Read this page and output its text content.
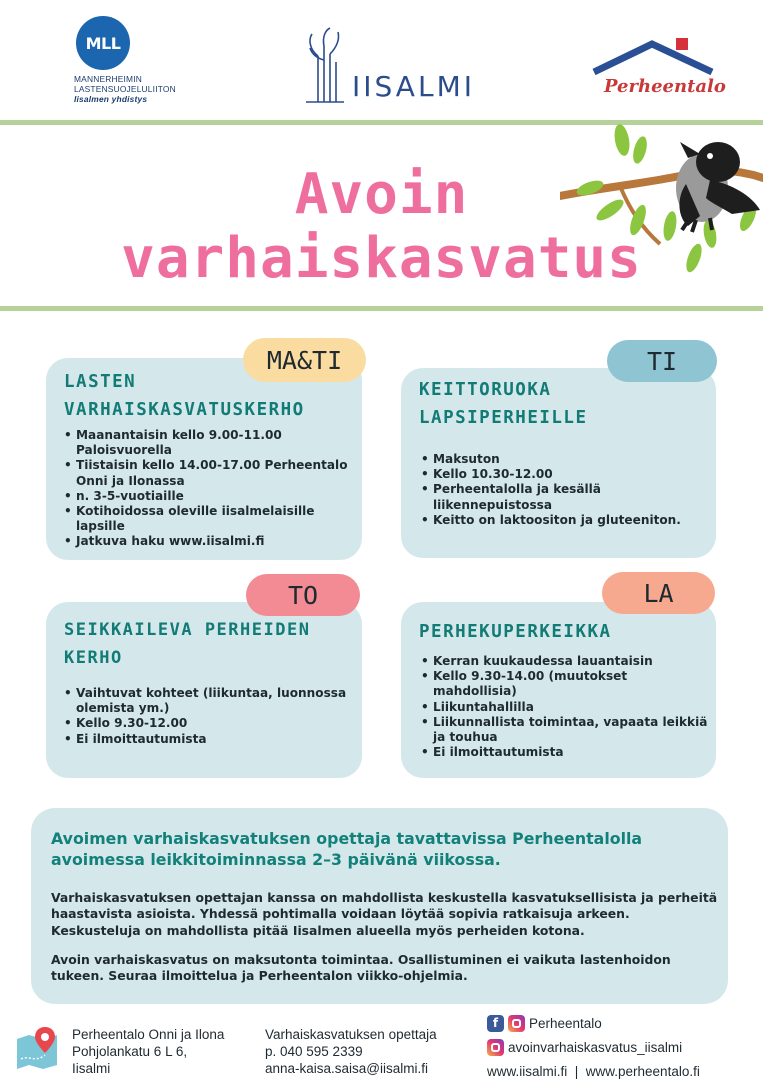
MLL
MANNERHEIMIN
LASTENSUOJELULIITON
Iisalmen yhdistys	IISALMI	Perheentalo
Avoin
varhaiskasvatus
LASTEN
VARHAISKASVATUSKERHO
• Maanantaisin kello 9.00-11.00 Paloisvuorella
• Tiistaisin kello 14.00-17.00 Perheentalo Onni ja Ilonassa
• n. 3-5-vuotiaille
• Kotihoidossa oleville iisalmelaisille lapsille
• Jatkuva haku www.iisalmi.fi
MA&TI
KEITTORUOKA
LAPSIPERHEILLE
• Maksuton
• Kello 10.30-12.00
• Perheentalolla ja kesällä liikennepuistossa
• Keitto on laktoositon ja gluteeniton.
TI
SEIKKAILEVA PERHEIDEN
KERHO
• Vaihtuvat kohteet (liikuntaa, luonnossa olemista ym.)
• Kello 9.30-12.00
• Ei ilmoittautumista
TO
PERHEKUPERKEIKKA
• Kerran kuukaudessa lauantaisin
• Kello 9.30-14.00 (muutokset mahdollisia)
• Liikuntahallilla
• Liikunnallista toimintaa, vapaata leikkiä ja touhua
• Ei ilmoittautumista
LA
Avoimen varhaiskasvatuksen opettaja tavattavissa Perheentalolla avoimessa leikkitoiminnassa 2–3 päivänä viikossa.
Varhaiskasvatuksen opettajan kanssa on mahdollista keskustella kasvatuksellisista ja perheitä haastavista asioista. Yhdessä pohtimalla voidaan löytää sopivia ratkaisuja arkeen. Keskusteluja on mahdollista pitää Iisalmen alueella myös perheiden kotona.
Avoin varhaiskasvatus on maksutonta toimintaa. Osallistuminen ei vaikuta lastenhoidon tukeen. Seuraa ilmoittelua ja Perheentalon viikko-ohjelmia.
Perheentalo Onni ja Ilona
Pohjolankatu 6 L 6,
Iisalmi
Varhaiskasvatuksen opettaja
p. 040 595 2339
anna-kaisa.saisa@iisalmi.fi
f	Perheentalo
avoinvarhaiskasvatus_iisalmi
www.iisalmi.fi  |  www.perheentalo.fi
